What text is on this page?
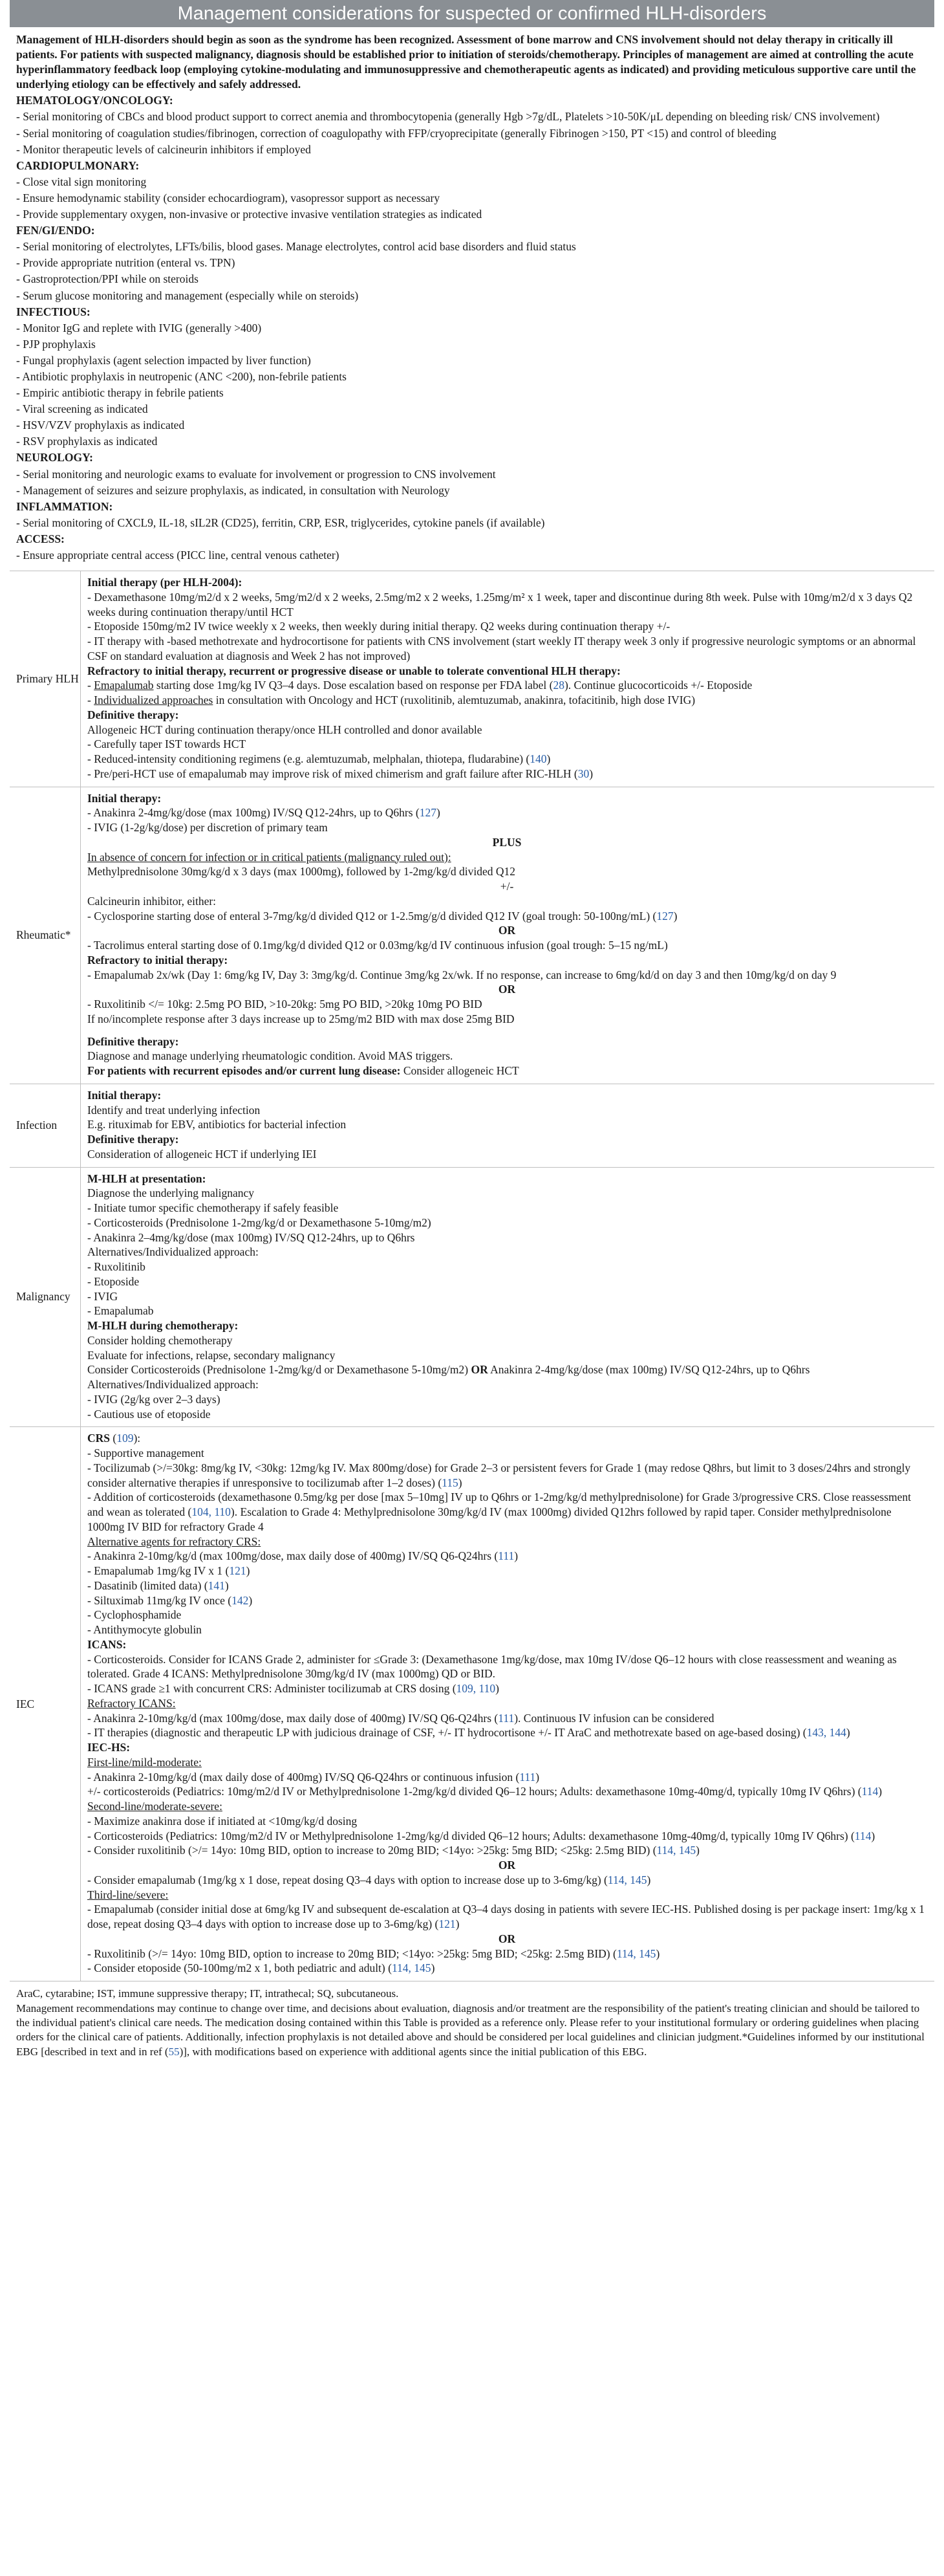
Management considerations for suspected or confirmed HLH-disorders

Management of HLH-disorders should begin as soon as the syndrome has been recognized. Assessment of bone marrow and CNS involvement should not delay therapy in critically ill patients. For patients with suspected malignancy, diagnosis should be established prior to initiation of steroids/chemotherapy. Principles of management are aimed at controlling the acute hyperinflammatory feedback loop (employing cytokine-modulating and immunosuppressive and chemotherapeutic agents as indicated) and providing meticulous supportive care until the underlying etiology can be effectively and safely addressed.

HEMATOLOGY/ONCOLOGY:

- Serial monitoring of CBCs and blood product support to correct anemia and thrombocytopenia (generally Hgb >7g/dL, Platelets >10-50K/μL depending on bleeding risk/ CNS involvement)

- Serial monitoring of coagulation studies/fibrinogen, correction of coagulopathy with FFP/cryoprecipitate (generally Fibrinogen >150, PT <15) and control of bleeding

- Monitor therapeutic levels of calcineurin inhibitors if employed

CARDIOPULMONARY:

- Close vital sign monitoring

- Ensure hemodynamic stability (consider echocardiogram), vasopressor support as necessary

- Provide supplementary oxygen, non-invasive or protective invasive ventilation strategies as indicated

FEN/GI/ENDO:

- Serial monitoring of electrolytes, LFTs/bilis, blood gases. Manage electrolytes, control acid base disorders and fluid status

- Provide appropriate nutrition (enteral vs. TPN)

- Gastroprotection/PPI while on steroids

- Serum glucose monitoring and management (especially while on steroids)

INFECTIOUS:

- Monitor IgG and replete with IVIG (generally >400)

- PJP prophylaxis

- Fungal prophylaxis (agent selection impacted by liver function)

- Antibiotic prophylaxis in neutropenic (ANC <200), non-febrile patients

- Empiric antibiotic therapy in febrile patients

- Viral screening as indicated

- HSV/VZV prophylaxis as indicated

- RSV prophylaxis as indicated

NEUROLOGY:

- Serial monitoring and neurologic exams to evaluate for involvement or progression to CNS involvement

- Management of seizures and seizure prophylaxis, as indicated, in consultation with Neurology

INFLAMMATION:

- Serial monitoring of CXCL9, IL-18, sIL2R (CD25), ferritin, CRP, ESR, triglycerides, cytokine panels (if available)

ACCESS:

- Ensure appropriate central access (PICC line, central venous catheter)

Primary HLH

Initial therapy (per HLH-2004):

- Dexamethasone 10mg/m2/d x 2 weeks, 5mg/m2/d x 2 weeks, 2.5mg/m2 x 2 weeks, 1.25mg/m² x 1 week, taper and discontinue during 8th week. Pulse with 10mg/m2/d x 3 days Q2 weeks during continuation therapy/until HCT

- Etoposide 150mg/m2 IV twice weekly x 2 weeks, then weekly during initial therapy. Q2 weeks during continuation therapy +/-

- IT therapy with -based methotrexate and hydrocortisone for patients with CNS involvement (start weekly IT therapy week 3 only if progressive neurologic symptoms or an abnormal CSF on standard evaluation at diagnosis and Week 2 has not improved)

Refractory to initial therapy, recurrent or progressive disease or unable to tolerate conventional HLH therapy:

- Emapalumab starting dose 1mg/kg IV Q3–4 days. Dose escalation based on response per FDA label (28). Continue glucocorticoids +/- Etoposide

- Individualized approaches in consultation with Oncology and HCT (ruxolitinib, alemtuzumab, anakinra, tofacitinib, high dose IVIG)

Definitive therapy:

Allogeneic HCT during continuation therapy/once HLH controlled and donor available

- Carefully taper IST towards HCT

- Reduced-intensity conditioning regimens (e.g. alemtuzumab, melphalan, thiotepa, fludarabine) (140)

- Pre/peri-HCT use of emapalumab may improve risk of mixed chimerism and graft failure after RIC-HLH (30)

Rheumatic*

Initial therapy:

- Anakinra 2-4mg/kg/dose (max 100mg) IV/SQ Q12-24hrs, up to Q6hrs (127)

- IVIG (1-2g/kg/dose) per discretion of primary team

PLUS

In absence of concern for infection or in critical patients (malignancy ruled out):

Methylprednisolone 30mg/kg/d x 3 days (max 1000mg), followed by 1-2mg/kg/d divided Q12

+/-

Calcineurin inhibitor, either:

- Cyclosporine starting dose of enteral 3-7mg/kg/d divided Q12 or 1-2.5mg/g/d divided Q12 IV (goal trough: 50-100ng/mL) (127)

OR

- Tacrolimus enteral starting dose of 0.1mg/kg/d divided Q12 or 0.03mg/kg/d IV continuous infusion (goal trough: 5–15 ng/mL)

Refractory to initial therapy:

- Emapalumab 2x/wk (Day 1: 6mg/kg IV, Day 3: 3mg/kg/d. Continue 3mg/kg 2x/wk. If no response, can increase to 6mg/kd/d on day 3 and then 10mg/kg/d on day 9

OR

- Ruxolitinib </= 10kg: 2.5mg PO BID, >10-20kg: 5mg PO BID, >20kg 10mg PO BID

If no/incomplete response after 3 days increase up to 25mg/m2 BID with max dose 25mg BID

Definitive therapy:

Diagnose and manage underlying rheumatologic condition. Avoid MAS triggers.

For patients with recurrent episodes and/or current lung disease: Consider allogeneic HCT

Infection

Initial therapy:

Identify and treat underlying infection

E.g. rituximab for EBV, antibiotics for bacterial infection

Definitive therapy:

Consideration of allogeneic HCT if underlying IEI

Malignancy

M-HLH at presentation:

Diagnose the underlying malignancy

- Initiate tumor specific chemotherapy if safely feasible

- Corticosteroids (Prednisolone 1-2mg/kg/d or Dexamethasone 5-10mg/m2)

- Anakinra 2–4mg/kg/dose (max 100mg) IV/SQ Q12-24hrs, up to Q6hrs

Alternatives/Individualized approach:

- Ruxolitinib

- Etoposide

- IVIG

- Emapalumab

M-HLH during chemotherapy:

Consider holding chemotherapy

Evaluate for infections, relapse, secondary malignancy

Consider Corticosteroids (Prednisolone 1-2mg/kg/d or Dexamethasone 5-10mg/m2) OR Anakinra 2-4mg/kg/dose (max 100mg) IV/SQ Q12-24hrs, up to Q6hrs

Alternatives/Individualized approach:

- IVIG (2g/kg over 2–3 days)

- Cautious use of etoposide

IEC

CRS (109):

- Supportive management

- Tocilizumab (>/=30kg: 8mg/kg IV, <30kg: 12mg/kg IV. Max 800mg/dose) for Grade 2–3 or persistent fevers for Grade 1 (may redose Q8hrs, but limit to 3 doses/24hrs and strongly consider alternative therapies if unresponsive to tocilizumab after 1–2 doses) (115)

- Addition of corticosteroids (dexamethasone 0.5mg/kg per dose [max 5–10mg] IV up to Q6hrs or 1-2mg/kg/d methylprednisolone) for Grade 3/progressive CRS. Close reassessment and wean as tolerated (104, 110). Escalation to Grade 4: Methylprednisolone 30mg/kg/d IV (max 1000mg) divided Q12hrs followed by rapid taper. Consider methylprednisolone 1000mg IV BID for refractory Grade 4

Alternative agents for refractory CRS:

- Anakinra 2-10mg/kg/d (max 100mg/dose, max daily dose of 400mg) IV/SQ Q6-Q24hrs (111)

- Emapalumab 1mg/kg IV x 1 (121)

- Dasatinib (limited data) (141)

- Siltuximab 11mg/kg IV once (142)

- Cyclophosphamide

- Antithymocyte globulin

ICANS:

- Corticosteroids. Consider for ICANS Grade 2, administer for ≤Grade 3: (Dexamethasone 1mg/kg/dose, max 10mg IV/dose Q6–12 hours with close reassessment and weaning as tolerated. Grade 4 ICANS: Methylprednisolone 30mg/kg/d IV (max 1000mg) QD or BID.

- ICANS grade ≥1 with concurrent CRS: Administer tocilizumab at CRS dosing (109, 110)

Refractory ICANS:

- Anakinra 2-10mg/kg/d (max 100mg/dose, max daily dose of 400mg) IV/SQ Q6-Q24hrs (111). Continuous IV infusion can be considered

- IT therapies (diagnostic and therapeutic LP with judicious drainage of CSF, +/- IT hydrocortisone +/- IT AraC and methotrexate based on age-based dosing) (143, 144)

IEC-HS:

First-line/mild-moderate:

- Anakinra 2-10mg/kg/d (max daily dose of 400mg) IV/SQ Q6-Q24hrs or continuous infusion (111)

+/- corticosteroids (Pediatrics: 10mg/m2/d IV or Methylprednisolone 1-2mg/kg/d divided Q6–12 hours; Adults: dexamethasone 10mg-40mg/d, typically 10mg IV Q6hrs) (114)

Second-line/moderate-severe:

- Maximize anakinra dose if initiated at <10mg/kg/d dosing

- Corticosteroids (Pediatrics: 10mg/m2/d IV or Methylprednisolone 1-2mg/kg/d divided Q6–12 hours; Adults: dexamethasone 10mg-40mg/d, typically 10mg IV Q6hrs) (114)

- Consider ruxolitinib (>/= 14yo: 10mg BID, option to increase to 20mg BID; <14yo: >25kg: 5mg BID; <25kg: 2.5mg BID) (114, 145)

OR

- Consider emapalumab (1mg/kg x 1 dose, repeat dosing Q3–4 days with option to increase dose up to 3-6mg/kg) (114, 145)

Third-line/severe:

- Emapalumab (consider initial dose at 6mg/kg IV and subsequent de-escalation at Q3–4 days dosing in patients with severe IEC-HS. Published dosing is per package insert: 1mg/kg x 1 dose, repeat dosing Q3–4 days with option to increase dose up to 3-6mg/kg) (121)

OR

- Ruxolitinib (>/= 14yo: 10mg BID, option to increase to 20mg BID; <14yo: >25kg: 5mg BID; <25kg: 2.5mg BID) (114, 145)

- Consider etoposide (50-100mg/m2 x 1, both pediatric and adult) (114, 145)

AraC, cytarabine; IST, immune suppressive therapy; IT, intrathecal; SQ, subcutaneous.

Management recommendations may continue to change over time, and decisions about evaluation, diagnosis and/or treatment are the responsibility of the patient's treating clinician and should be tailored to the individual patient's clinical care needs. The medication dosing contained within this Table is provided as a reference only. Please refer to your institutional formulary or ordering guidelines when placing orders for the clinical care of patients. Additionally, infection prophylaxis is not detailed above and should be considered per local guidelines and clinician judgment.*Guidelines informed by our institutional EBG [described in text and in ref (55)], with modifications based on experience with additional agents since the initial publication of this EBG.
